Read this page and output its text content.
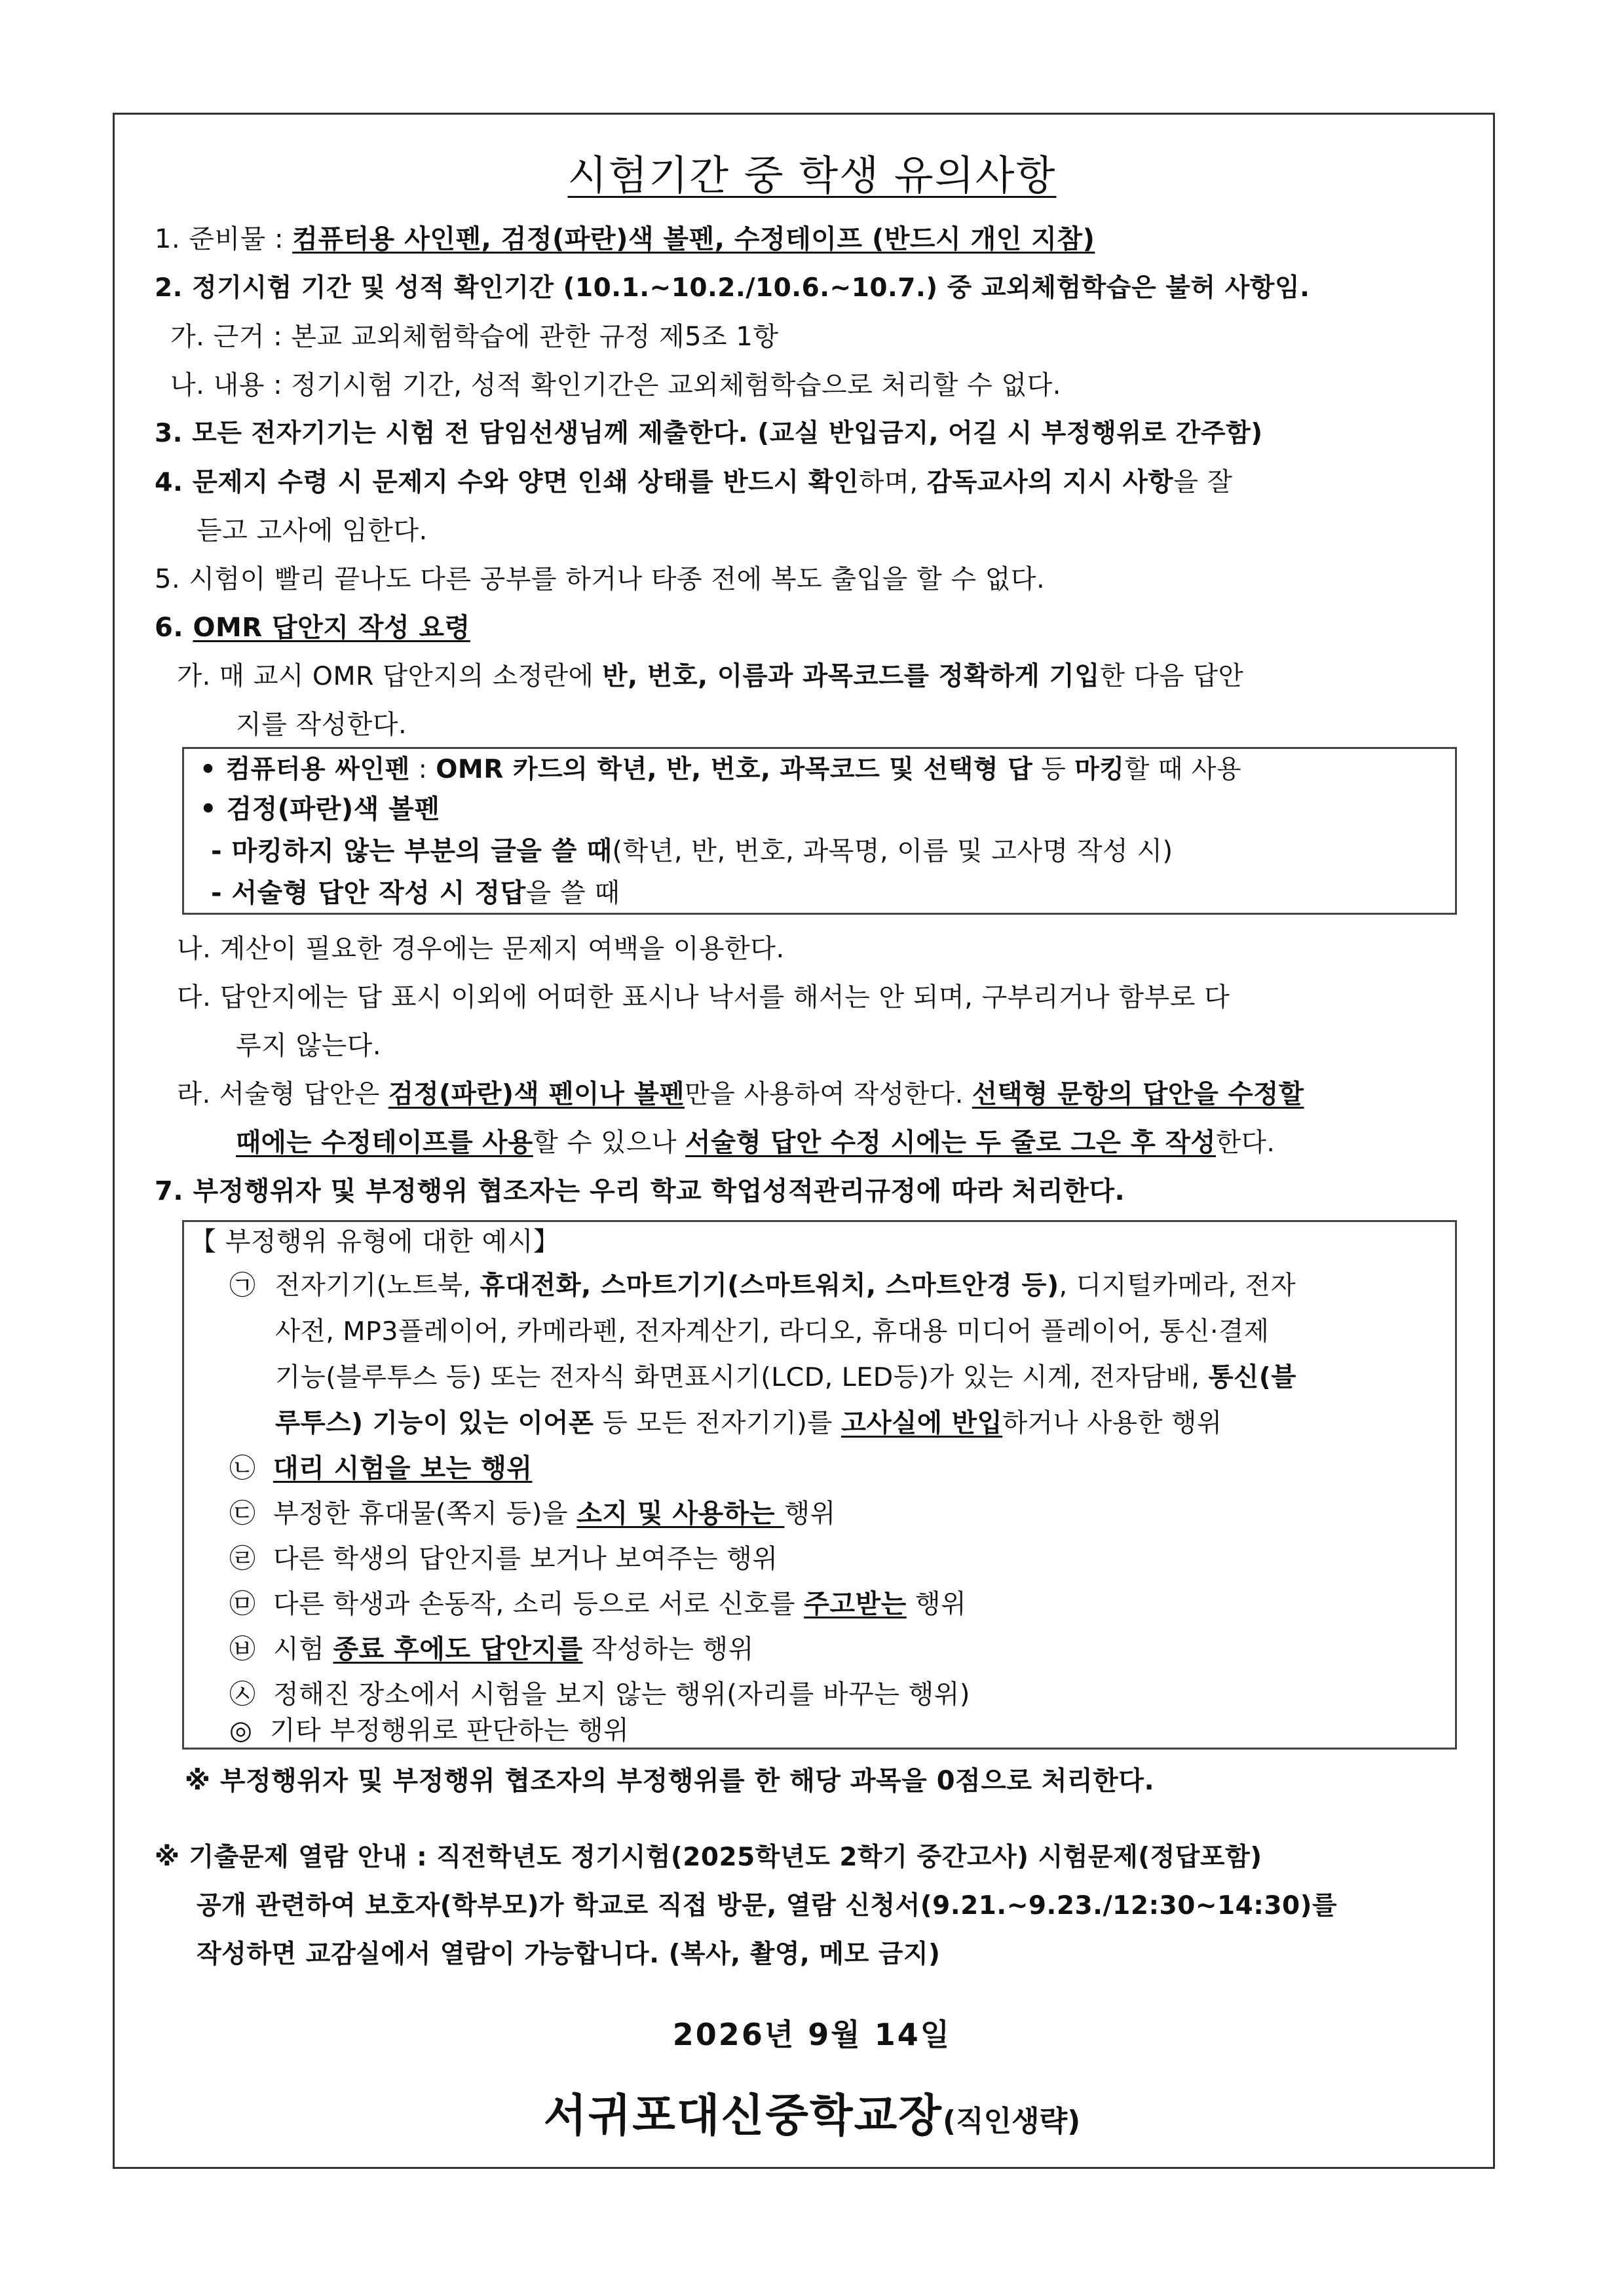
시험기간 중 학생 유의사항
1. 준비물 : 컴퓨터용 사인펜, 검정(파란)색 볼펜, 수정테이프 (반드시 개인 지참)
2. 정기시험 기간 및 성적 확인기간 (10.1.~10.2./10.6.~10.7.) 중 교외체험학습은 불허 사항임.
가. 근거 : 본교 교외체험학습에 관한 규정 제5조 1항
나. 내용 : 정기시험 기간, 성적 확인기간은 교외체험학습으로 처리할 수 없다.
3. 모든 전자기기는 시험 전 담임선생님께 제출한다. (교실 반입금지, 어길 시 부정행위로 간주함)
4. 문제지 수령 시 문제지 수와 양면 인쇄 상태를 반드시 확인하며, 감독교사의 지시 사항을 잘
듣고 고사에 임한다.
5. 시험이 빨리 끝나도 다른 공부를 하거나 타종 전에 복도 출입을 할 수 없다.
6. OMR 답안지 작성 요령
가. 매 교시 OMR 답안지의 소정란에 반, 번호, 이름과 과목코드를 정확하게 기입한 다음 답안
지를 작성한다.
• 컴퓨터용 싸인펜 : OMR 카드의 학년, 반, 번호, 과목코드 및 선택형 답 등 마킹할 때 사용
• 검정(파란)색 볼펜
- 마킹하지 않는 부분의 글을 쓸 때(학년, 반, 번호, 과목명, 이름 및 고사명 작성 시)
- 서술형 답안 작성 시 정답을 쓸 때
나. 계산이 필요한 경우에는 문제지 여백을 이용한다.
다. 답안지에는 답 표시 이외에 어떠한 표시나 낙서를 해서는 안 되며, 구부리거나 함부로 다
루지 않는다.
라. 서술형 답안은 검정(파란)색 펜이나 볼펜만을 사용하여 작성한다. 선택형 문항의 답안을 수정할
때에는 수정테이프를 사용할 수 있으나 서술형 답안 수정 시에는 두 줄로 그은 후 작성한다.
7. 부정행위자 및 부정행위 협조자는 우리 학교 학업성적관리규정에 따라 처리한다.
【 부정행위 유형에 대한 예시】
㉠ 전자기기(노트북, 휴대전화, 스마트기기(스마트워치, 스마트안경 등), 디지털카메라, 전자
사전, MP3플레이어, 카메라펜, 전자계산기, 라디오, 휴대용 미디어 플레이어, 통신·결제
기능(블루투스 등) 또는 전자식 화면표시기(LCD, LED등)가 있는 시계, 전자담배, 통신(블
루투스) 기능이 있는 이어폰 등 모든 전자기기)를 고사실에 반입하거나 사용한 행위
㉡ 대리 시험을 보는 행위
㉢ 부정한 휴대물(쪽지 등)을 소지 및 사용하는 행위
㉣ 다른 학생의 답안지를 보거나 보여주는 행위
㉤ 다른 학생과 손동작, 소리 등으로 서로 신호를 주고받는 행위
㉥ 시험 종료 후에도 답안지를 작성하는 행위
㉦ 정해진 장소에서 시험을 보지 않는 행위(자리를 바꾸는 행위)
◎ 기타 부정행위로 판단하는 행위
※ 부정행위자 및 부정행위 협조자의 부정행위를 한 해당 과목을 0점으로 처리한다.
※ 기출문제 열람 안내 : 직전학년도 정기시험(2025학년도 2학기 중간고사) 시험문제(정답포함)
공개 관련하여 보호자(학부모)가 학교로 직접 방문, 열람 신청서(9.21.~9.23./12:30~14:30)를
작성하면 교감실에서 열람이 가능합니다. (복사, 촬영, 메모 금지)
2026년 9월 14일
서귀포대신중학교장(직인생략)
